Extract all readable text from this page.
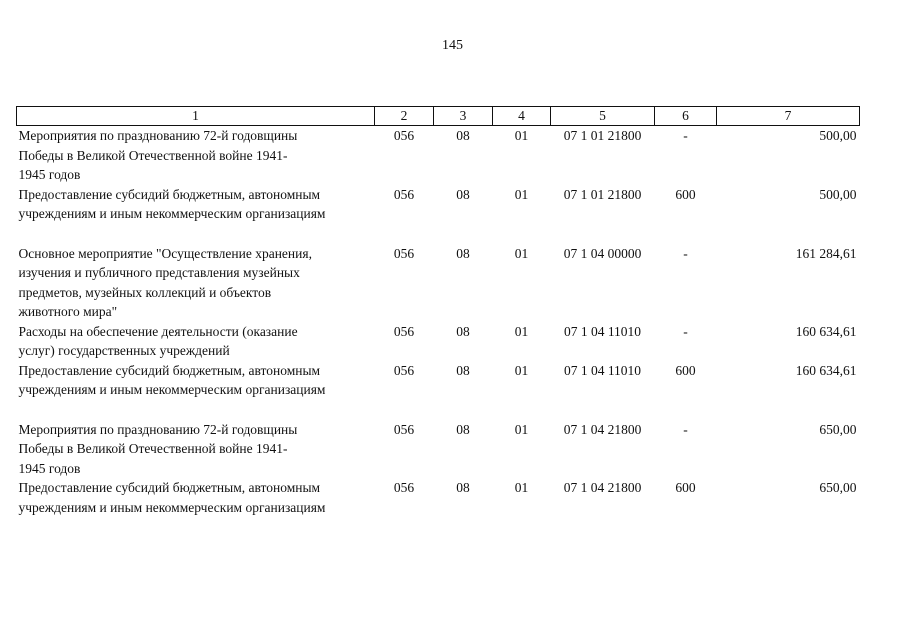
145
1	2	3	4	5	6	7

Мероприятия по празднованию 72-й годовщины
Победы в Великой Отечественной войне 1941-
1945 годов	056	08	01	07 1 01 21800	-	500,00

Предоставление субсидий бюджетным, автономным
учреждениям и иным некоммерческим организациям	056	08	01	07 1 01 21800	600	500,00

Основное мероприятие "Осуществление хранения,
изучения и публичного представления музейных
предметов, музейных коллекций и объектов
животного мира"	056	08	01	07 1 04 00000	-	161 284,61

Расходы на обеспечение деятельности (оказание
услуг) государственных учреждений	056	08	01	07 1 04 11010	-	160 634,61

Предоставление субсидий бюджетным, автономным
учреждениям и иным некоммерческим организациям	056	08	01	07 1 04 11010	600	160 634,61

Мероприятия по празднованию 72-й годовщины
Победы в Великой Отечественной войне 1941-
1945 годов	056	08	01	07 1 04 21800	-	650,00

Предоставление субсидий бюджетным, автономным
учреждениям и иным некоммерческим организациям	056	08	01	07 1 04 21800	600	650,00
